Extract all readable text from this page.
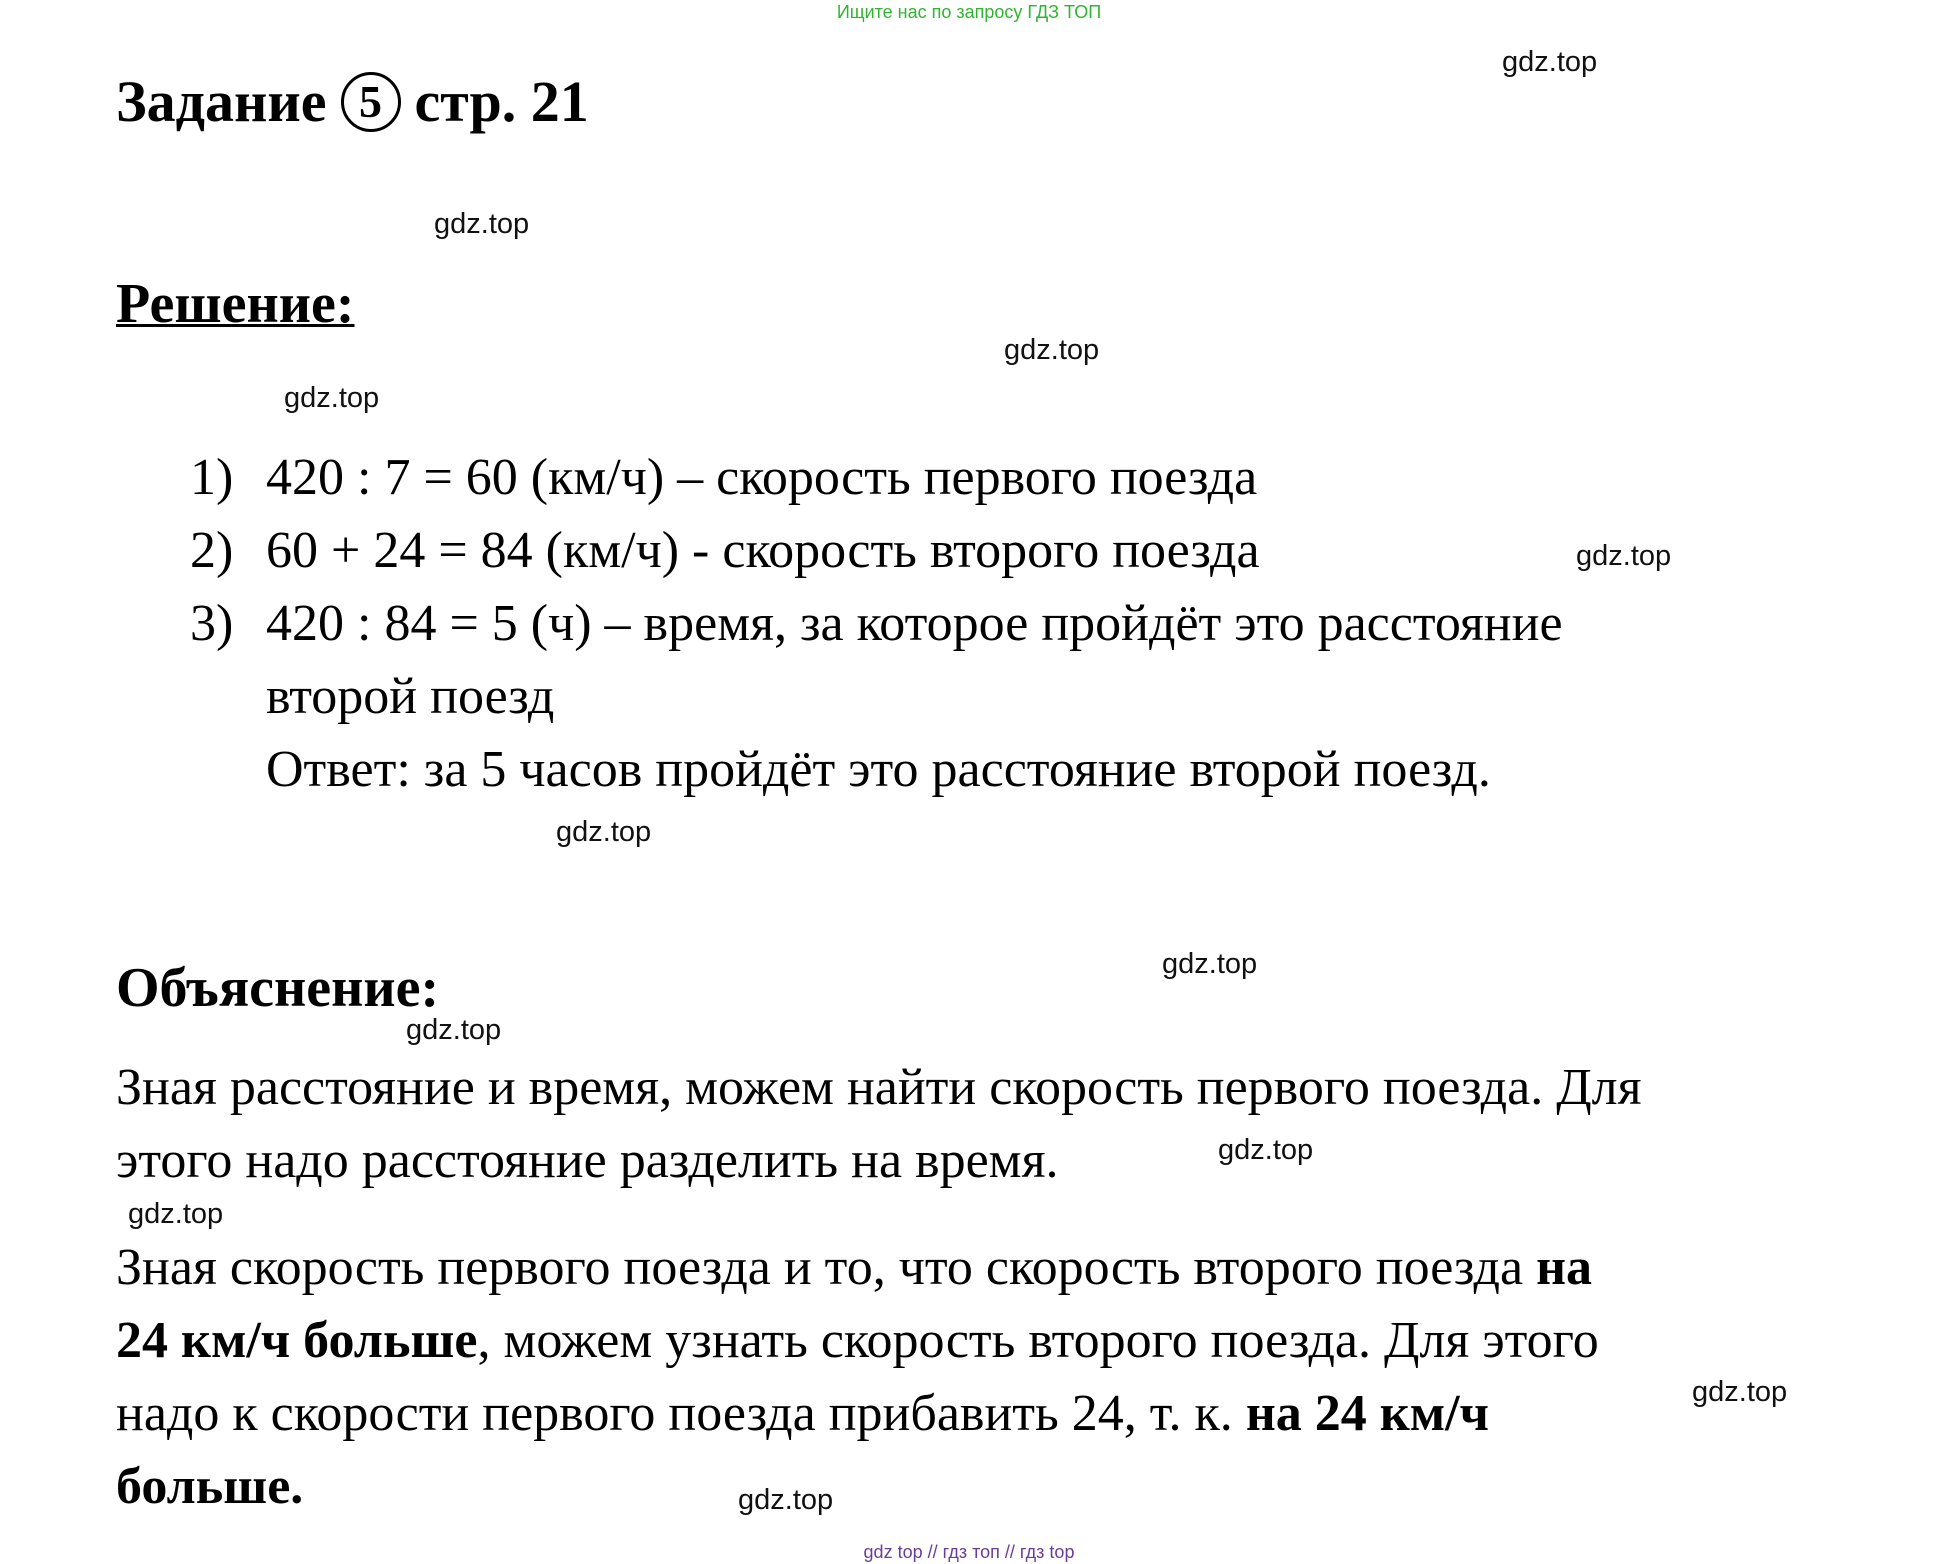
Ищите нас по запросу ГДЗ ТОП
Задание 5 стр. 21
gdz.top
gdz.top
Решение:
gdz.top
gdz.top
1) 420 : 7 = 60 (км/ч) – скорость первого поезда
2) 60 + 24 = 84 (км/ч) - скорость второго поезда	gdz.top
3) 420 : 84 = 5 (ч) – время, за которое пройдёт это расстояние
второй поезд
Ответ: за 5 часов пройдёт это расстояние второй поезд.
gdz.top
gdz.top
Объяснение:
gdz.top
Зная расстояние и время, можем найти скорость первого поезда. Для
этого надо расстояние разделить на время.	gdz.top
gdz.top
Зная скорость первого поезда и то, что скорость второго поезда на
24 км/ч больше, можем узнать скорость второго поезда. Для этого
надо к скорости первого поезда прибавить 24, т. к. на 24 км/ч	gdz.top
больше.	gdz.top
gdz top // гдз топ // гдз top
